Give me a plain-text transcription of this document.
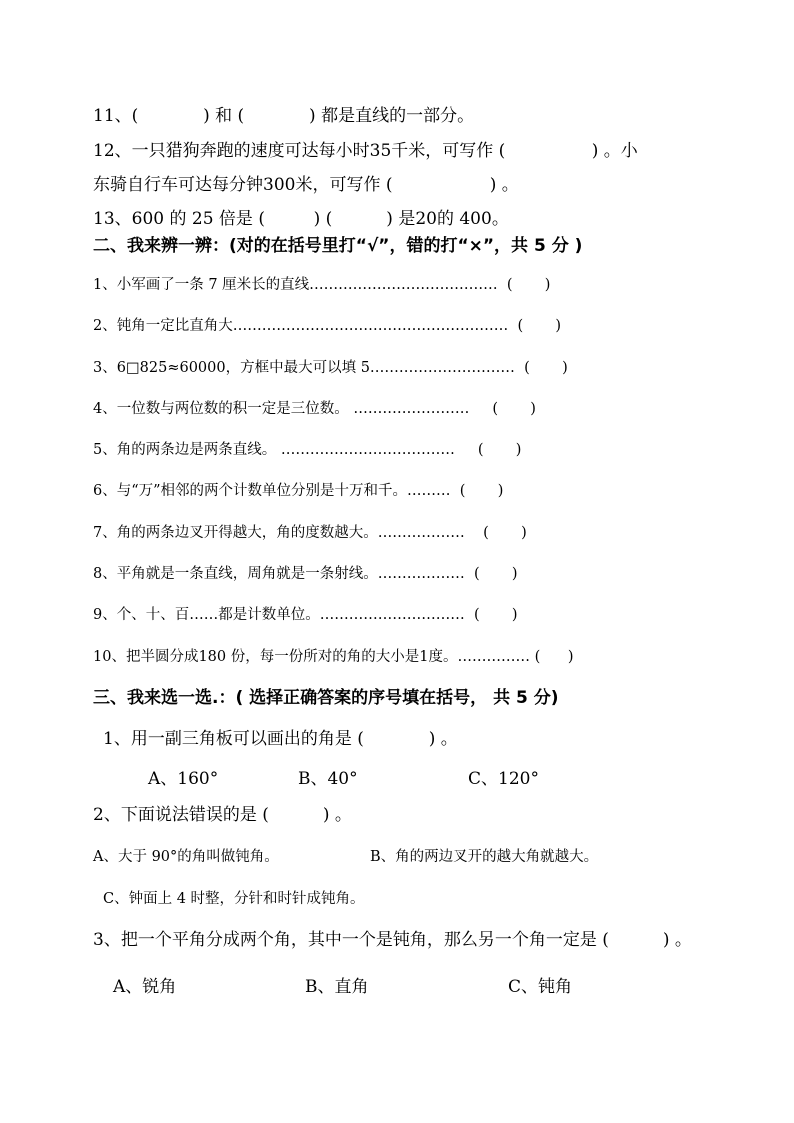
11、(            ) 和 (            ) 都是直线的一部分。
12、一只猎狗奔跑的速度可达每小时35千米，可写作 (                ) 。小
东骑自行车可达每分钟300米，可写作 (                  ) 。
13、600 的 25 倍是 (         ) (          ) 是20的 400。
二、我来辨一辨：(对的在括号里打“√”，错的打“×”，共 5 分 )
1、小军画了一条 7 厘米长的直线…………………………………  (       )
2、钝角一定比直角大…………………………………………………  (       )
3、6□825≈60000，方框中最大可以填 5…………………………  (       )
4、一位数与两位数的积一定是三位数。 ……………………     (       )
5、角的两条边是两条直线。 ………………………………     (       )
6、与“万”相邻的两个计数单位分别是十万和千。………  (       )
7、角的两条边叉开得越大，角的度数越大。………………    (       )
8、平角就是一条直线，周角就是一条射线。………………  (       )
9、个、十、百……都是计数单位。…………………………  (       )
10、把半圆分成180 份，每一份所对的角的大小是1度。…………… (      )
三、我来选一选.：( 选择正确答案的序号填在括号， 共 5 分)
1、用一副三角板可以画出的角是 (            ) 。
A、160°	B、40°	C、120°
2、下面说法错误的是 (          ) 。
A、大于 90°的角叫做钝角。	B、角的两边叉开的越大角就越大。
C、钟面上 4 时整，分针和时针成钝角。
3、把一个平角分成两个角，其中一个是钝角，那么另一个角一定是 (          ) 。
A、锐角	B、直角	C、钝角
